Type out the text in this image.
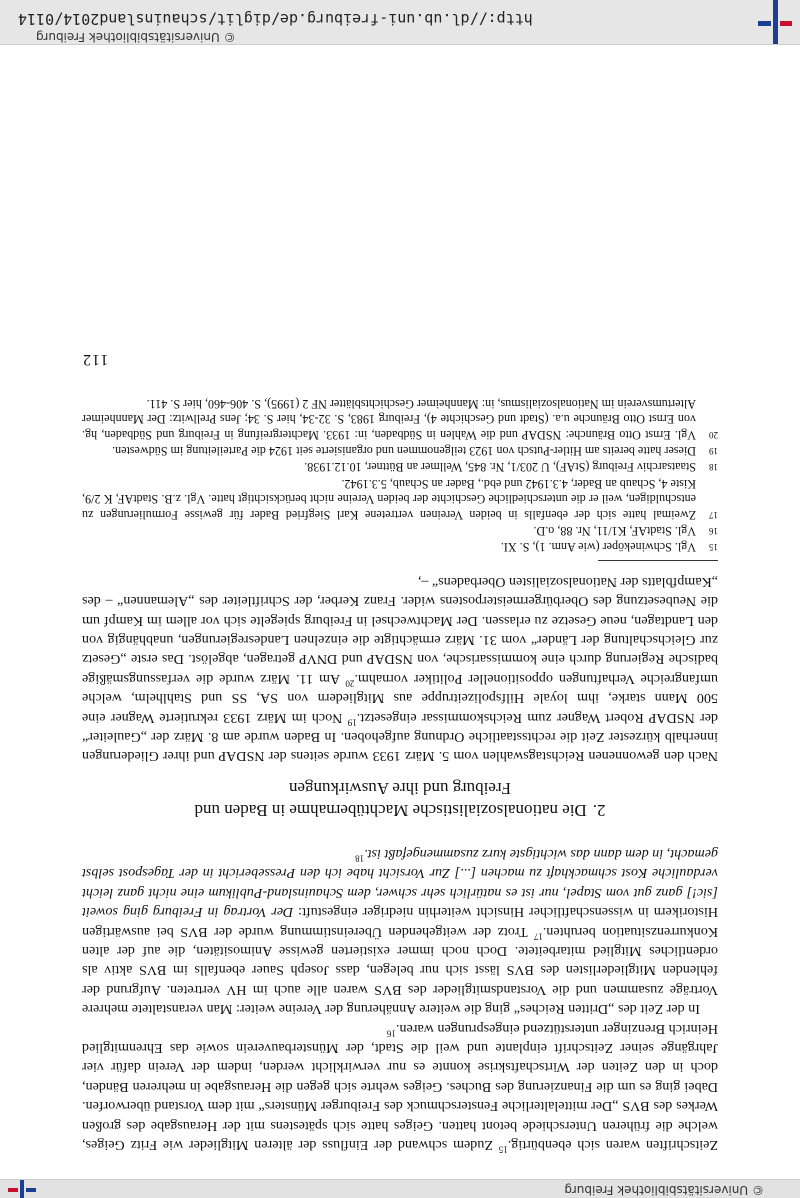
© Universitätsbibliothek Freiburg

Zeitschriften waren sich ebenbürtig.$^{15}$ Zudem schwand der Einfluss der älteren Mitglieder wie Fritz Geiges, welche die früheren Unterschiede betont hatten. Geiges hatte sich spätestens mit der Herausgabe des großen Werkes des BVS „Der mittelalterliche Fensterschmuck des Freiburger Münsters“ mit dem Vorstand überworfen. Dabei ging es um die Finanzierung des Buches. Geiges wehrte sich gegen die Herausgabe in mehreren Bänden, doch in den Zeiten der Wirtschaftskrise konnte es nur verwirklicht werden, indem der Verein dafür vier Jahrgänge seiner Zeitschrift einplante und weil die Stadt, der Münsterbauverein sowie das Ehrenmitglied Heinrich Brenzinger unterstützend eingesprungen waren.$^{16}$

In der Zeit des „Dritten Reiches“ ging die weitere Annäherung der Vereine weiter: Man veranstaltete mehrere Vorträge zusammen und die Vorstandsmitglieder des BVS waren alle auch im HV vertreten. Aufgrund der fehlenden Mitgliederlisten des BVS lässt sich nur belegen, dass Joseph Sauer ebenfalls im BVS aktiv als ordentliches Mitglied mitarbeitete. Doch noch immer existierten gewisse Animositäten, die auf der alten Konkurrenzsituation beruhten.$^{17}$ Trotz der weitgehenden Übereinstimmung wurde der BVS bei auswärtigen Historikern in wissenschaftlicher Hinsicht weiterhin niedriger eingestuft: Der Vortrag in Freiburg ging soweit [sic!] ganz gut vom Stapel, nur ist es natürlich sehr schwer, dem Schauinsland-Publikum eine nicht ganz leicht verdauliche Kost schmackhaft zu machen [...] Zur Vorsicht habe ich den Pressebericht in der Tagespost selbst gemacht, in dem dann das wichtigste kurz zusammengefaßt ist.$^{18}$

2.Die nationalsozialistische Machtübernahme in Baden und
Freiburg und ihre Auswirkungen

Nach den gewonnenen Reichstagswahlen vom 5. März 1933 wurde seitens der NSDAP und ihrer Gliederungen innerhalb kürzester Zeit die rechtsstaatliche Ordnung aufgehoben. In Baden wurde am 8. März der „Gauleiter“ der NSDAP Robert Wagner zum Reichskommissar eingesetzt.$^{19}$ Noch im März 1933 rekrutierte Wagner eine 500 Mann starke, ihm loyale Hilfspolizeitruppe aus Mitgliedern von SA, SS und Stahlhelm, welche umfangreiche Verhaftungen oppositioneller Politiker vornahm.$^{20}$ Am 11. März wurde die verfassungsmäßige badische Regierung durch eine kommissarische, von NSDAP und DNVP getragen, abgelöst. Das erste „Gesetz zur Gleichschaltung der Länder“ vom 31. März ermächtigte die einzelnen Landesregierungen, unabhängig von den Landtagen, neue Gesetze zu erlassen. Der Machtwechsel in Freiburg spiegelte sich vor allem im Kampf um die Neubesetzung des Oberbürgermeisterpostens wider. Franz Kerber, der Schriftleiter des „Alemannen“ – des „Kampfblatts der Nationalsozialisten Oberbadens“ –,

15
Vgl. Schwineköper (wie Anm. 1), S. XI.
16
Vgl. StadtAF, K1/11, Nr. 88, o.D.
17
Zweimal hatte sich der ebenfalls in beiden Vereinen vertretene Karl Siegfried Bader für gewisse Formulierungen zu entschuldigen, weil er die unterschiedliche Geschichte der beiden Vereine nicht berücksichtigt hatte. Vgl. z.B. StadtAF, K 2/9, Kiste 4, Schaub an Bader, 4.3.1942 und ebd., Bader an Schaub, 5.3.1942.
18
Staatsarchiv Freiburg (StAF), U 203/1, Nr. 845, Wellmer an Büttner, 10.12.1938.
19
Dieser hatte bereits am Hitler-Putsch von 1923 teilgenommen und organisierte seit 1924 die Parteileitung im Südwesten.
20
Vgl. Ernst Otto Bräunche: NSDAP und die Wahlen in Südbaden, in: 1933. Machtergreifung in Freiburg und Südbaden, hg. von Ernst Otto Bräunche u.a. (Stadt und Geschichte 4), Freiburg 1983, S. 32-34, hier S. 34; Jens Prellwitz: Der Mannheimer Altertumsverein im Nationalsozialismus, in: Mannheimer Geschichtsblätter NF 2 (1995), S. 406-460, hier S. 411.
112
© Universitätsbibliothek Freiburg
http://dl.ub.uni-freiburg.de/diglit/schauinsland2014/0114
